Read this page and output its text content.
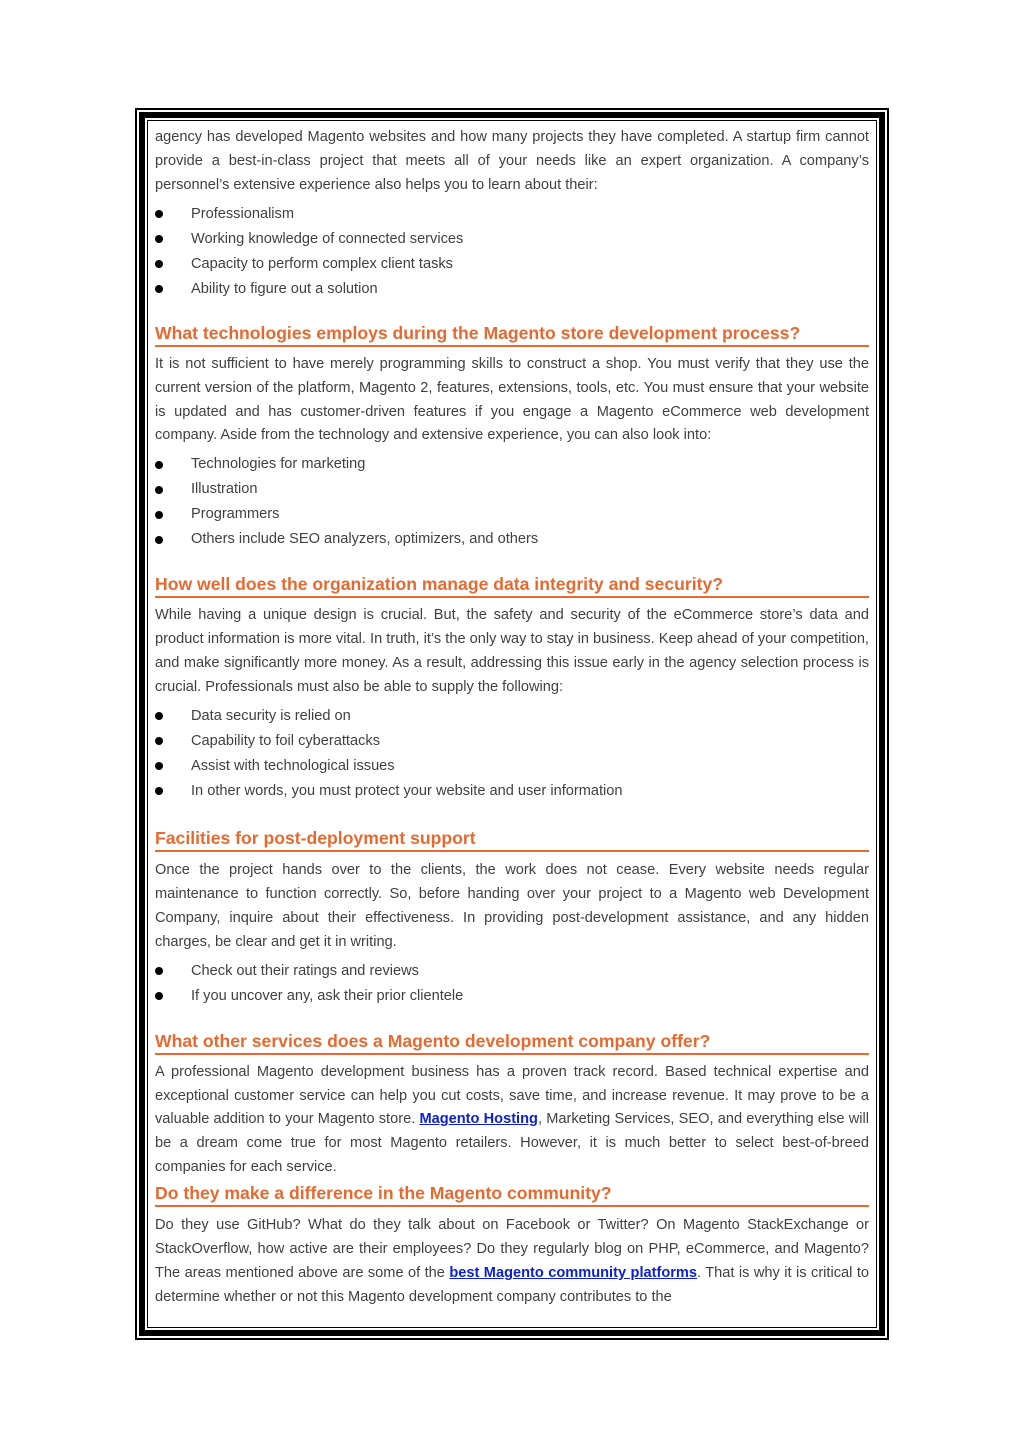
agency has developed Magento websites and how many projects they have completed. A startup firm cannot provide a best-in-class project that meets all of your needs like an expert organization. A company’s personnel’s extensive experience also helps you to learn about their:

Professionalism
Working knowledge of connected services
Capacity to perform complex client tasks
Ability to figure out a solution
What technologies employs during the Magento store development process?

It is not sufficient to have merely programming skills to construct a shop. You must verify that they use the current version of the platform, Magento 2, features, extensions, tools, etc. You must ensure that your website is updated and has customer-driven features if you engage a Magento eCommerce web development company. Aside from the technology and extensive experience, you can also look into:

Technologies for marketing
Illustration
Programmers
Others include SEO analyzers, optimizers, and others
How well does the organization manage data integrity and security?

While having a unique design is crucial. But, the safety and security of the eCommerce store’s data and product information is more vital. In truth, it’s the only way to stay in business. Keep ahead of your competition, and make significantly more money. As a result, addressing this issue early in the agency selection process is crucial. Professionals must also be able to supply the following:

Data security is relied on
Capability to foil cyberattacks
Assist with technological issues
In other words, you must protect your website and user information
Facilities for post-deployment support

Once the project hands over to the clients, the work does not cease. Every website needs regular maintenance to function correctly. So, before handing over your project to a Magento web Development Company, inquire about their effectiveness. In providing post-development assistance, and any hidden charges, be clear and get it in writing.

Check out their ratings and reviews
If you uncover any, ask their prior clientele
What other services does a Magento development company offer?

A professional Magento development business has a proven track record. Based technical expertise and exceptional customer service can help you cut costs, save time, and increase revenue. It may prove to be a valuable addition to your Magento store. Magento Hosting, Marketing Services, SEO, and everything else will be a dream come true for most Magento retailers. However, it is much better to select best-of-breed companies for each service.

Do they make a difference in the Magento community?

Do they use GitHub? What do they talk about on Facebook or Twitter? On Magento StackExchange or StackOverflow, how active are their employees? Do they regularly blog on PHP, eCommerce, and Magento? The areas mentioned above are some of the best Magento community platforms. That is why it is critical to determine whether or not this Magento development company contributes to the
